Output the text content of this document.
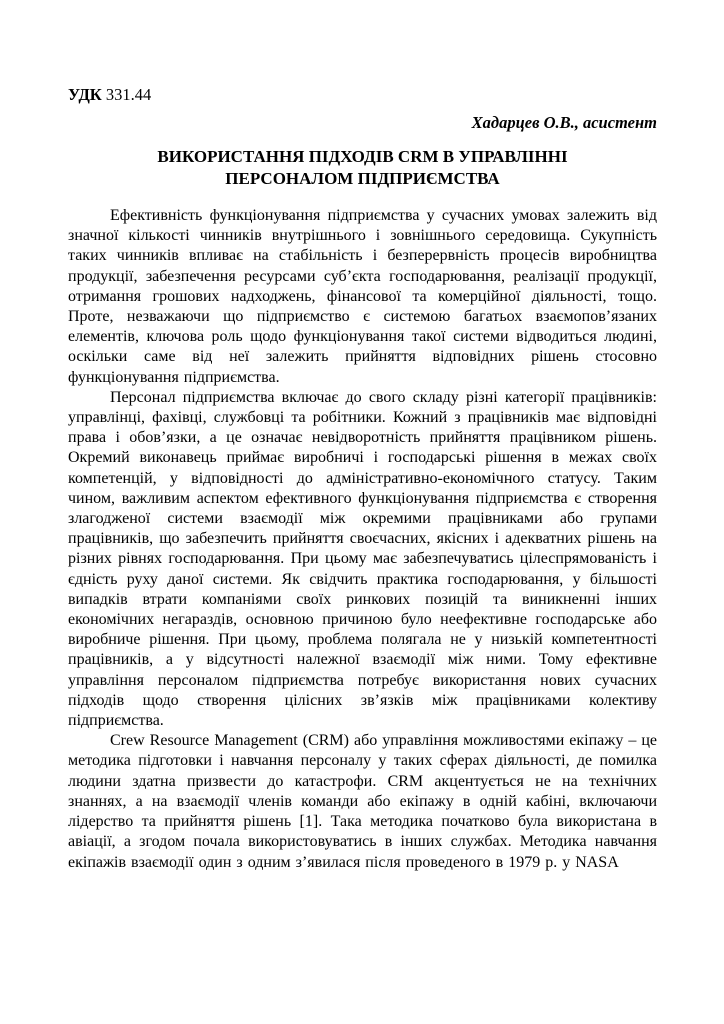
УДК 331.44
Хадарцев О.В., асистент
ВИКОРИСТАННЯ ПІДХОДІВ CRM В УПРАВЛІННІ
ПЕРСОНАЛОМ ПІДПРИЄМСТВА

Ефективність функціонування підприємства у сучасних умовах залежить від значної кількості чинників внутрішнього і зовнішнього середовища. Сукупність таких чинників впливає на стабільність і безперервність процесів виробництва продукції, забезпечення ресурсами суб’єкта господарювання, реалізації продукції, отримання грошових надходжень, фінансової та комерційної діяльності, тощо. Проте, незважаючи що підприємство є системою багатьох взаємопов’язаних елементів, ключова роль щодо функціонування такої системи відводиться людині, оскільки саме від неї залежить прийняття відповідних рішень стосовно функціонування підприємства.

Персонал підприємства включає до свого складу різні категорії працівників: управлінці, фахівці, службовці та робітники. Кожний з працівників має відповідні права і обов’язки, а це означає невідворотність прийняття працівником рішень. Окремий виконавець приймає виробничі і господарські рішення в межах своїх компетенцій, у відповідності до адміністративно-економічного статусу. Таким чином, важливим аспектом ефективного функціонування підприємства є створення злагодженої системи взаємодії між окремими працівниками або групами працівників, що забезпечить прийняття своєчасних, якісних і адекватних рішень на різних рівнях господарювання. При цьому має забезпечуватись цілеспрямованість і єдність руху даної системи. Як свідчить практика господарювання, у більшості випадків втрати компаніями своїх ринкових позицій та виникненні інших економічних негараздів, основною причиною було неефективне господарське або виробниче рішення. При цьому, проблема полягала не у низькій компетентності працівників, а у відсутності належної взаємодії між ними. Тому ефективне управління персоналом підприємства потребує використання нових сучасних підходів щодо створення цілісних зв’язків між працівниками колективу підприємства.

Crew Resource Management (CRM) або управління можливостями екіпажу – це методика підготовки і навчання персоналу у таких сферах діяльності, де помилка людини здатна призвести до катастрофи. CRM акцентується не на технічних знаннях, а на взаємодії членів команди або екіпажу в одній кабіні, включаючи лідерство та прийняття рішень [1]. Така методика початково була використана в авіації, а згодом почала використовуватись в інших службах. Методика навчання екіпажів взаємодії один з одним з’явилася після проведеного в 1979 р. у NASA
